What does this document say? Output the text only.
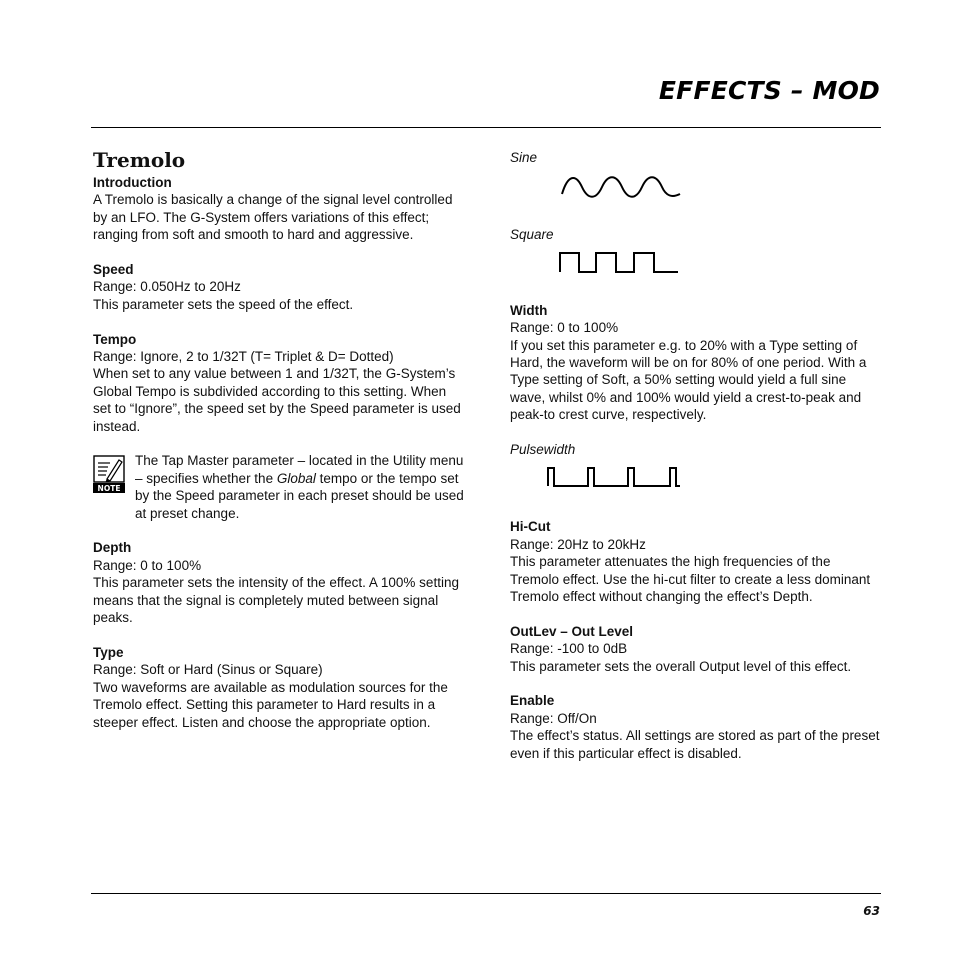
EFFECTS – MOD
Tremolo
Introduction
A Tremolo is basically a change of the signal level controlled by an LFO. The G-System offers variations of this effect; ranging from soft and smooth to hard and aggressive.
Speed
Range: 0.050Hz to 20Hz
This parameter sets the speed of the effect.
Tempo
Range: Ignore, 2 to 1/32T (T= Triplet & D= Dotted)
When set to any value between 1 and 1/32T, the G-System’s Global Tempo is subdivided according to this setting. When set to “Ignore”, the speed set by the Speed parameter is used instead.
NOTE
The Tap Master parameter – located in the Utility menu – specifies whether the Global tempo or the tempo set by the Speed parameter in each preset should be used at preset change.
Depth
Range: 0 to 100%
This parameter sets the intensity of the effect. A 100% setting means that the signal is completely muted between signal peaks.
Type
Range: Soft or Hard (Sinus or Square)
Two waveforms are available as modulation sources for the Tremolo effect. Setting this parameter to Hard results in a steeper effect. Listen and choose the appropriate option.
Sine
Square
Width
Range: 0 to 100%
If you set this parameter e.g. to 20% with a Type setting of Hard, the waveform will be on for 80% of one period. With a Type setting of Soft, a 50% setting would yield a full sine wave, whilst 0% and 100% would yield a crest-to-peak and peak-to crest curve, respectively.
Pulsewidth
Hi-Cut
Range: 20Hz to 20kHz
This parameter attenuates the high frequencies of the Tremolo effect. Use the hi-cut filter to create a less dominant Tremolo effect without changing the effect’s Depth.
OutLev – Out Level
Range: -100 to 0dB
This parameter sets the overall Output level of this effect.
Enable
Range: Off/On
The effect’s status. All settings are stored as part of the preset even if this particular effect is disabled.
63
